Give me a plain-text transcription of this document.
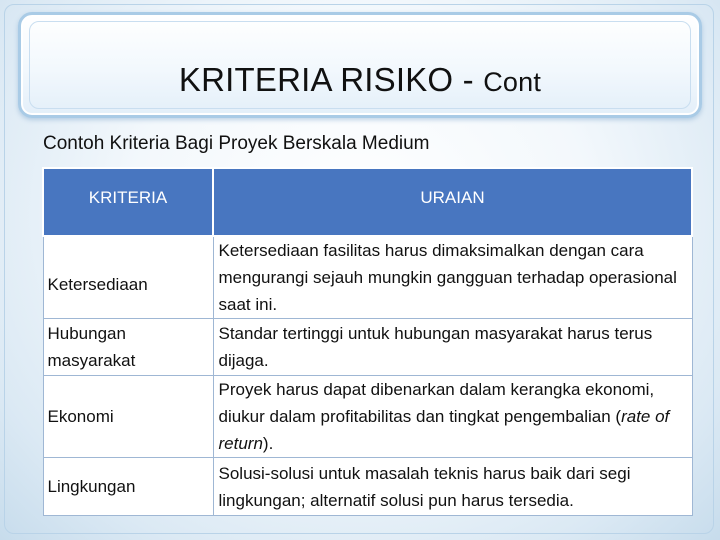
KRITERIA RISIKO - Cont
Contoh Kriteria Bagi Proyek Berskala Medium
KRITERIA	URAIAN

Ketersediaan	Ketersediaan fasilitas harus dimaksimalkan dengan cara mengurangi sejauh mungkin gangguan terhadap operasional saat ini.
Hubungan masyarakat	Standar tertinggi untuk hubungan masyarakat harus terus dijaga.
Ekonomi	Proyek harus dapat dibenarkan dalam kerangka ekonomi, diukur dalam profitabilitas dan tingkat pengembalian (rate of return).
Lingkungan	Solusi-solusi untuk masalah teknis harus baik dari segi lingkungan; alternatif solusi pun harus tersedia.
